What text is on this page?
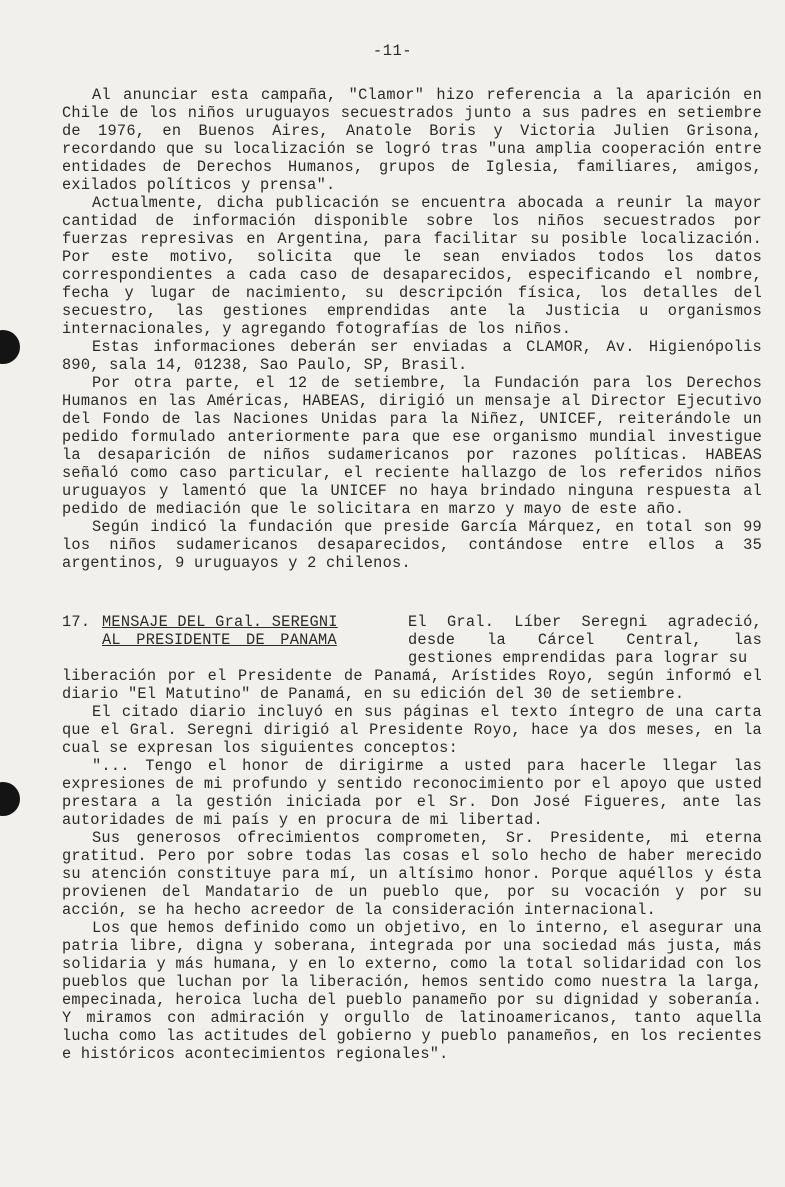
-11-

Al anunciar esta campaña, "Clamor" hizo referencia a la aparición en Chile de los niños uruguayos secuestrados junto a sus padres en setiembre de 1976, en Buenos Aires, Anatole Boris y Victoria Julien Grisona, recordando que su localización se logró tras "una amplia cooperación entre entidades de Derechos Humanos, grupos de Iglesia, familiares, amigos, exilados políticos y prensa".

Actualmente, dicha publicación se encuentra abocada a reunir la mayor cantidad de información disponible sobre los niños secuestrados por fuerzas represivas en Argentina, para facilitar su posible localización. Por este motivo, solicita que le sean enviados todos los datos correspondientes a cada caso de desaparecidos, especificando el nombre, fecha y lugar de nacimiento, su descripción física, los detalles del secuestro, las gestiones emprendidas ante la Justicia u organismos internacionales, y agregando fotografías de los niños.

Estas informaciones deberán ser enviadas a CLAMOR, Av. Higienópolis 890, sala 14, 01238, Sao Paulo, SP, Brasil.

Por otra parte, el 12 de setiembre, la Fundación para los Derechos Humanos en las Américas, HABEAS, dirigió un mensaje al Director Ejecutivo del Fondo de las Naciones Unidas para la Niñez, UNICEF, reiterándole un pedido formulado anteriormente para que ese organismo mundial investigue la desaparición de niños sudamericanos por razones políticas. HABEAS señaló como caso particular, el reciente hallazgo de los referidos niños uruguayos y lamentó que la UNICEF no haya brindado ninguna respuesta al pedido de mediación que le solicitara en marzo y mayo de este año.

Según indicó la fundación que preside García Márquez, en total son 99 los niños sudamericanos desaparecidos, contándose entre ellos a 35 argentinos, 9 uruguayos y 2 chilenos.

17. MENSAJE DEL Gral. SEREGNI
AL PRESIDENTE DE PANAMA
El Gral. Líber Seregni agradeció, desde la Cárcel Central, las gestiones emprendidas para lograr su

liberación por el Presidente de Panamá, Arístides Royo, según informó el diario "El Matutino" de Panamá, en su edición del 30 de setiembre.

El citado diario incluyó en sus páginas el texto íntegro de una carta que el Gral. Seregni dirigió al Presidente Royo, hace ya dos meses, en la cual se expresan los siguientes conceptos:

"... Tengo el honor de dirigirme a usted para hacerle llegar las expresiones de mi profundo y sentido reconocimiento por el apoyo que usted prestara a la gestión iniciada por el Sr. Don José Figueres, ante las autoridades de mi país y en procura de mi libertad.

Sus generosos ofrecimientos comprometen, Sr. Presidente, mi eterna gratitud. Pero por sobre todas las cosas el solo hecho de haber merecido su atención constituye para mí, un altísimo honor. Porque aquéllos y ésta provienen del Mandatario de un pueblo que, por su vocación y por su acción, se ha hecho acreedor de la consideración internacional.

Los que hemos definido como un objetivo, en lo interno, el asegurar una patria libre, digna y soberana, integrada por una sociedad más justa, más solidaria y más humana, y en lo externo, como la total solidaridad con los pueblos que luchan por la liberación, hemos sentido como nuestra la larga, empecinada, heroica lucha del pueblo panameño por su dignidad y soberanía. Y miramos con admiración y orgullo de latinoamericanos, tanto aquella lucha como las actitudes del gobierno y pueblo panameños, en los recientes e históricos acontecimientos regionales".
